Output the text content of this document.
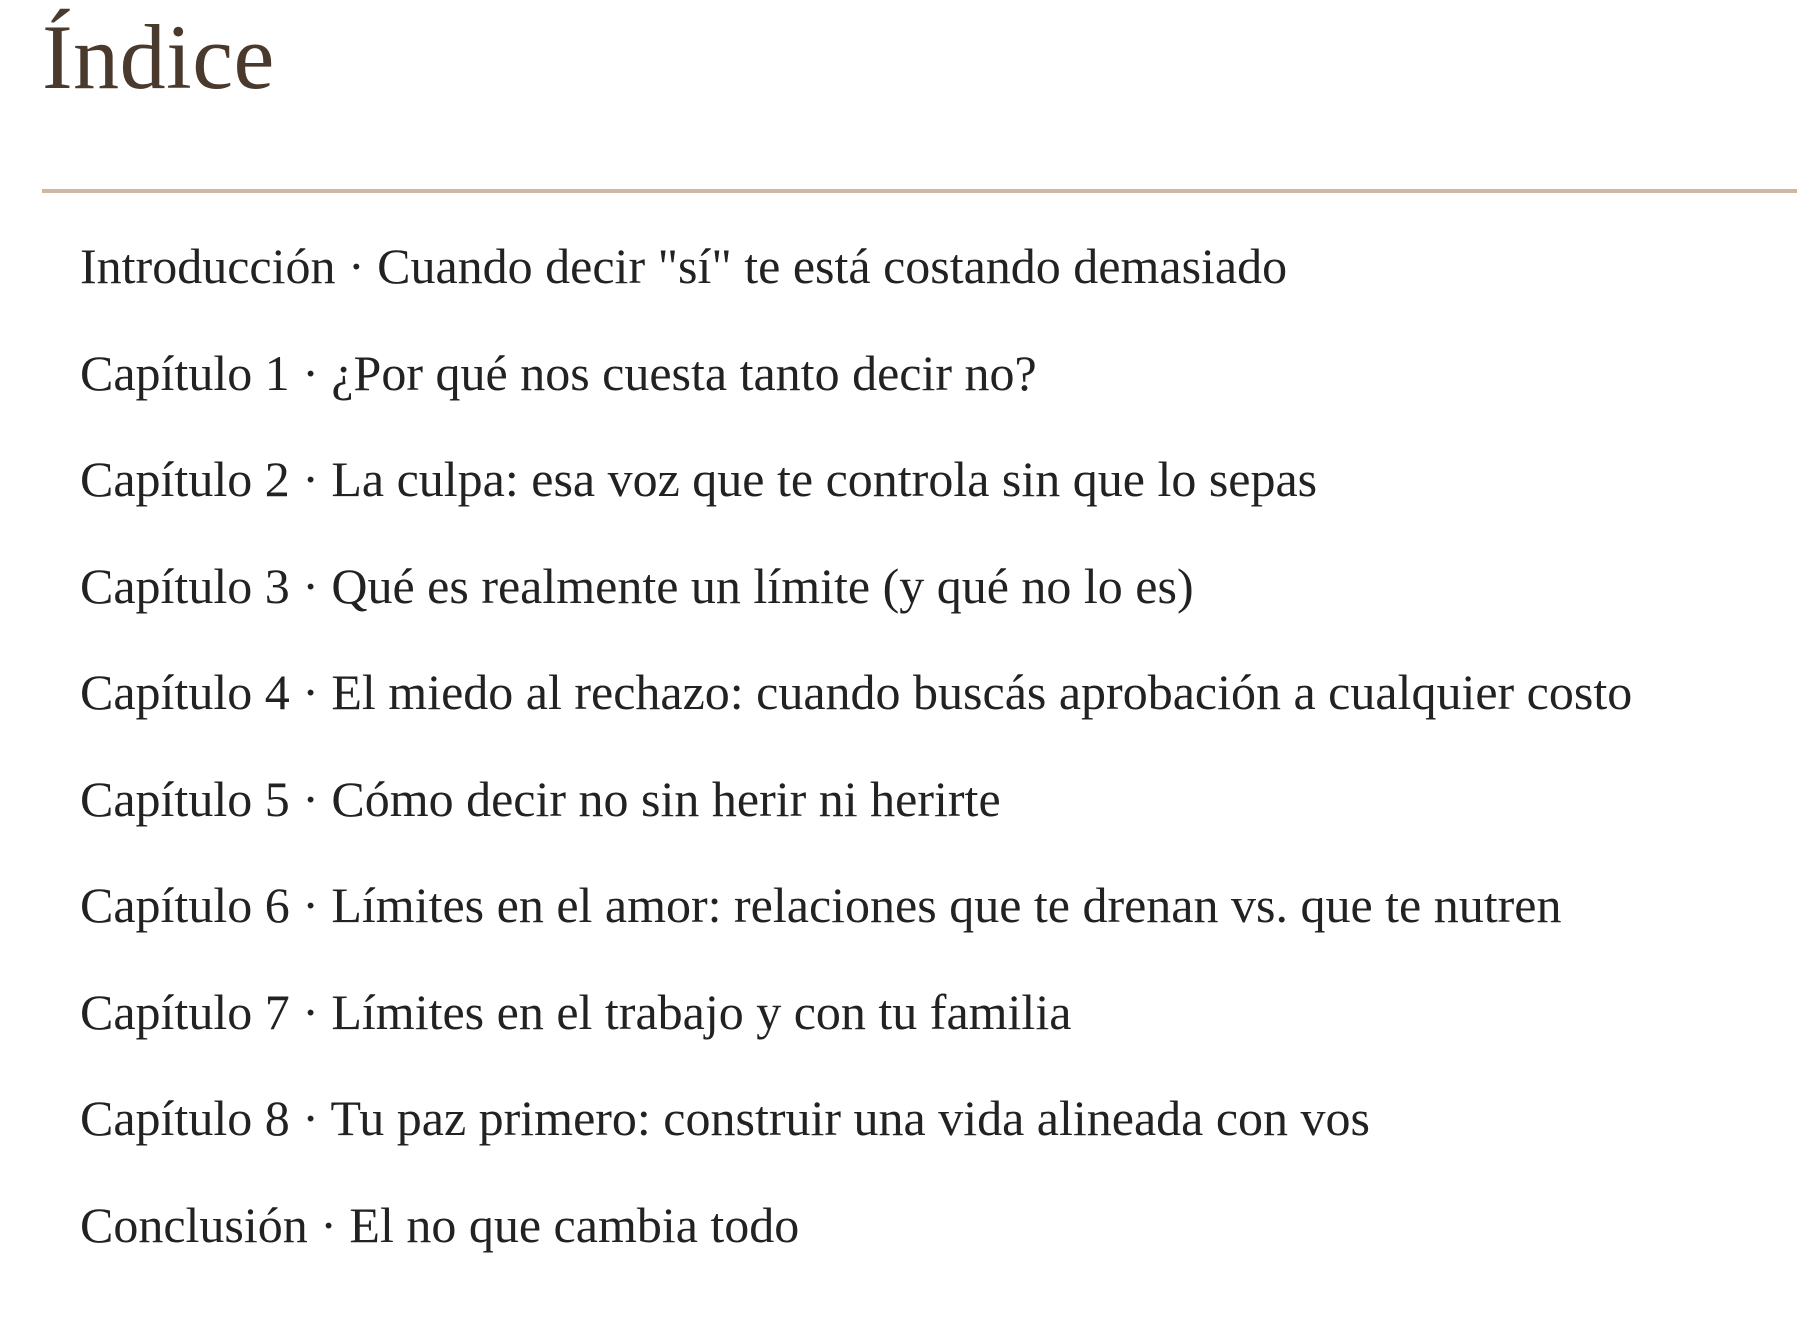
Índice
Introducción · Cuando decir "sí" te está costando demasiado
Capítulo 1 · ¿Por qué nos cuesta tanto decir no?
Capítulo 2 · La culpa: esa voz que te controla sin que lo sepas
Capítulo 3 · Qué es realmente un límite (y qué no lo es)
Capítulo 4 · El miedo al rechazo: cuando buscás aprobación a cualquier costo
Capítulo 5 · Cómo decir no sin herir ni herirte
Capítulo 6 · Límites en el amor: relaciones que te drenan vs. que te nutren
Capítulo 7 · Límites en el trabajo y con tu familia
Capítulo 8 · Tu paz primero: construir una vida alineada con vos
Conclusión · El no que cambia todo
